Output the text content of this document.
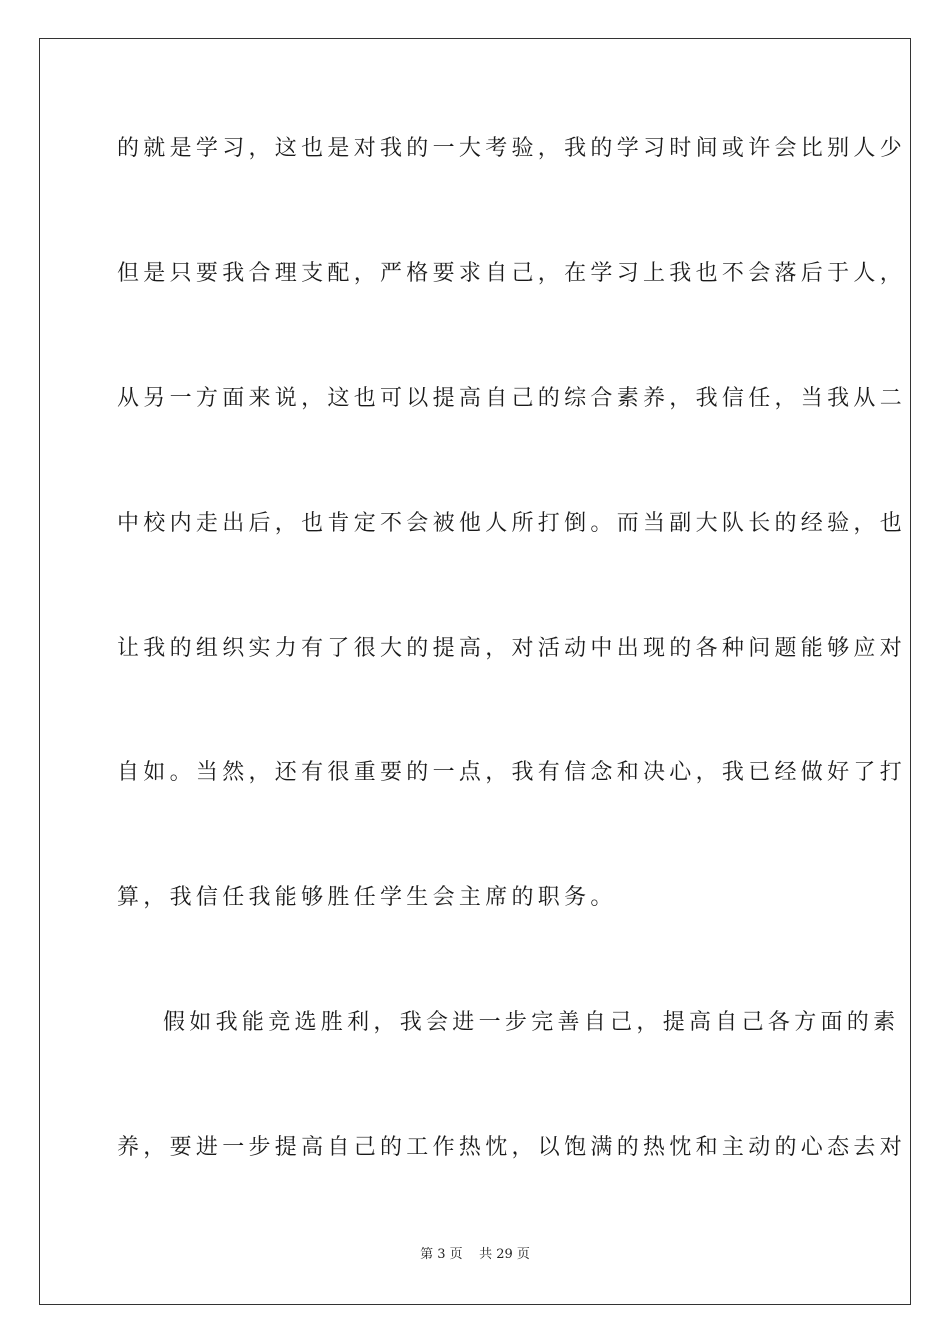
的就是学习，这也是对我的一大考验，我的学习时间或许会比别人少
但是只要我合理支配，严格要求自己，在学习上我也不会落后于人，
从另一方面来说，这也可以提高自己的综合素养，我信任，当我从二
中校内走出后，也肯定不会被他人所打倒。而当副大队长的经验，也
让我的组织实力有了很大的提高，对活动中出现的各种问题能够应对
自如。当然，还有很重要的一点，我有信念和决心，我已经做好了打
算，我信任我能够胜任学生会主席的职务。
假如我能竞选胜利，我会进一步完善自己，提高自己各方面的素
养，要进一步提高自己的工作热忱，以饱满的热忱和主动的心态去对
第 3 页    共 29 页
